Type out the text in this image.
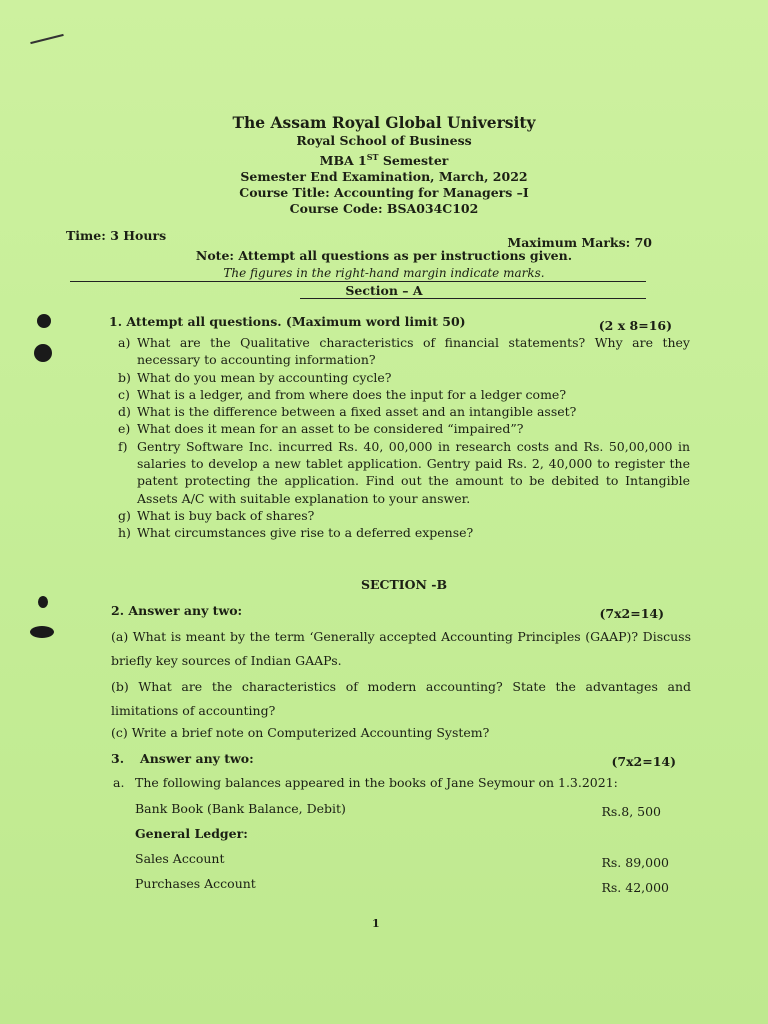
The Assam Royal Global University
Royal School of Business
MBA 1ST Semester
Semester End Examination, March, 2022
Course Title: Accounting for Managers –I
Course Code: BSA034C102
Time: 3 Hours	Maximum Marks: 70
Note: Attempt all questions as per instructions given.
The figures in the right-hand margin indicate marks.
Section – A
1. Attempt all questions. (Maximum word limit 50)	(2 x 8=16)
a) What are the Qualitative characteristics of financial statements? Why are they necessary to accounting information?
b) What do you mean by accounting cycle?
c) What is a ledger, and from where does the input for a ledger come?
d) What is the difference between a fixed asset and an intangible asset?
e) What does it mean for an asset to be considered “impaired”?
f) Gentry Software Inc. incurred Rs. 40, 00,000 in research costs and Rs. 50,00,000 in salaries to develop a new tablet application. Gentry paid Rs. 2, 40,000 to register the patent protecting the application. Find out the amount to be debited to Intangible Assets A/C with suitable explanation to your answer.
g) What is buy back of shares?
h) What circumstances give rise to a deferred expense?
SECTION -B
2. Answer any two:	(7x2=14)
(a) What is meant by the term ‘Generally accepted Accounting Principles (GAAP)? Discuss briefly key sources of Indian GAAPs.
(b) What are the characteristics of modern accounting? State the advantages and limitations of accounting?
(c) Write a brief note on Computerized Accounting System?
3. Answer any two:	(7x2=14)
a. The following balances appeared in the books of Jane Seymour on 1.3.2021:
Bank Book (Bank Balance, Debit)	Rs.8, 500
General Ledger:
Sales Account	Rs. 89,000
Purchases Account	Rs. 42,000
1
